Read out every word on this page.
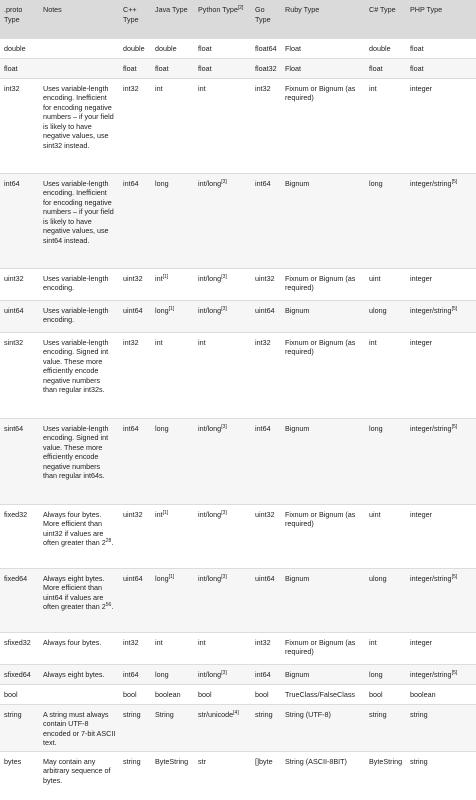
.proto Type	Notes	C++ Type	Java Type	Python Type[2]	Go Type	Ruby Type	C# Type	PHP Type
double		double	double	float	float64	Float	double	float
float		float	float	float	float32	Float	float	float
int32	Uses variable-length encoding. Inefficient for encoding negative numbers – if your field is likely to have negative values, use sint32 instead.	int32	int	int	int32	Fixnum or Bignum (as required)	int	integer
int64	Uses variable-length encoding. Inefficient for encoding negative numbers – if your field is likely to have negative values, use sint64 instead.	int64	long	int/long[3]	int64	Bignum	long	integer/string[5]
uint32	Uses variable-length encoding.	uint32	int[1]	int/long[3]	uint32	Fixnum or Bignum (as required)	uint	integer
uint64	Uses variable-length encoding.	uint64	long[1]	int/long[3]	uint64	Bignum	ulong	integer/string[5]
sint32	Uses variable-length encoding. Signed int value. These more efficiently encode negative numbers than regular int32s.	int32	int	int	int32	Fixnum or Bignum (as required)	int	integer
sint64	Uses variable-length encoding. Signed int value. These more efficiently encode negative numbers than regular int64s.	int64	long	int/long[3]	int64	Bignum	long	integer/string[5]
fixed32	Always four bytes. More efficient than uint32 if values are often greater than $2^{28}$.	uint32	int[1]	int/long[3]	uint32	Fixnum or Bignum (as required)	uint	integer
fixed64	Always eight bytes. More efficient than uint64 if values are often greater than $2^{56}$.	uint64	long[1]	int/long[3]	uint64	Bignum	ulong	integer/string[5]
sfixed32	Always four bytes.	int32	int	int	int32	Fixnum or Bignum (as required)	int	integer
sfixed64	Always eight bytes.	int64	long	int/long[3]	int64	Bignum	long	integer/string[5]
bool		bool	boolean	bool	bool	TrueClass/FalseClass	bool	boolean
string	A string must always contain UTF-8 encoded or 7-bit ASCII text.	string	String	str/unicode[4]	string	String (UTF-8)	string	string
bytes	May contain any arbitrary sequence of bytes.	string	ByteString	str	[]byte	String (ASCII-8BIT)	ByteString	string
